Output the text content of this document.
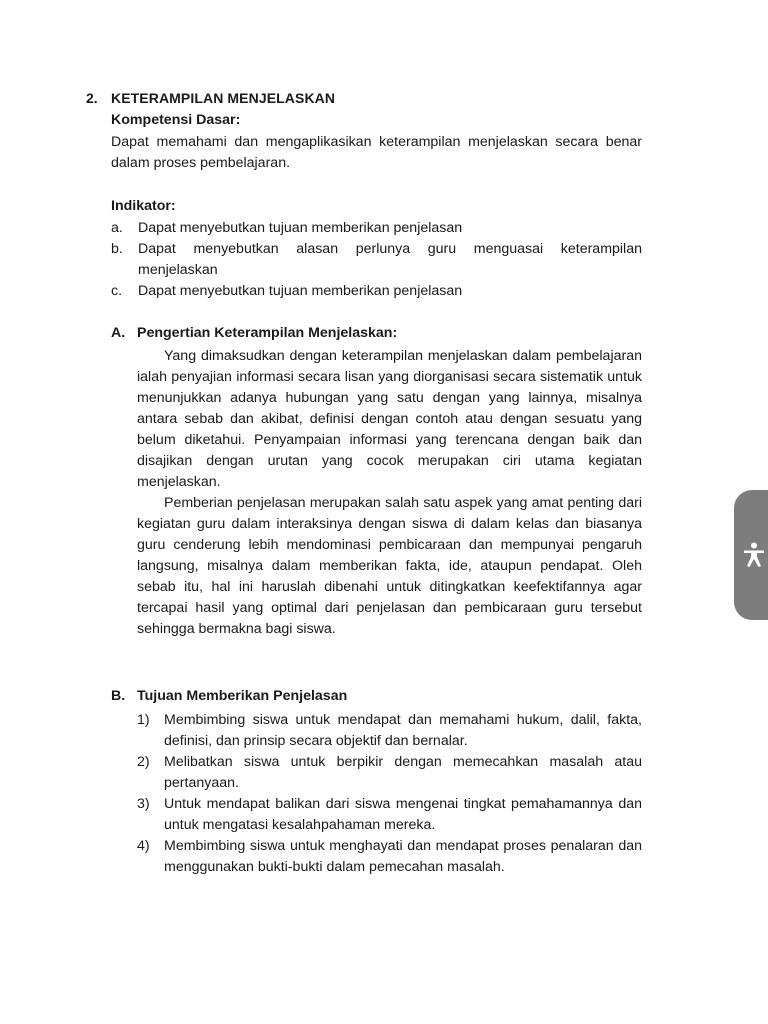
2. KETERAMPILAN MENJELASKAN
Kompetensi Dasar:
Dapat memahami dan mengaplikasikan keterampilan menjelaskan secara benar dalam proses pembelajaran.
Indikator:
a.	Dapat menyebutkan tujuan memberikan penjelasan
b.	Dapat menyebutkan alasan perlunya guru menguasai keterampilan menjelaskan
c.	Dapat menyebutkan tujuan memberikan penjelasan
A. Pengertian Keterampilan Menjelaskan:

Yang dimaksudkan dengan keterampilan menjelaskan dalam pembelajaran ialah penyajian informasi secara lisan yang diorganisasi secara sistematik untuk menunjukkan adanya hubungan yang satu dengan yang lainnya, misalnya antara sebab dan akibat, definisi dengan contoh atau dengan sesuatu yang belum diketahui. Penyampaian informasi yang terencana dengan baik dan disajikan dengan urutan yang cocok merupakan ciri utama kegiatan menjelaskan.

Pemberian penjelasan merupakan salah satu aspek yang amat penting dari kegiatan guru dalam interaksinya dengan siswa di dalam kelas dan biasanya guru cenderung lebih mendominasi pembicaraan dan mempunyai pengaruh langsung, misalnya dalam memberikan fakta, ide, ataupun pendapat. Oleh sebab itu, hal ini haruslah dibenahi untuk ditingkatkan keefektifannya agar tercapai hasil yang optimal dari penjelasan dan pembicaraan guru tersebut sehingga bermakna bagi siswa.

B. Tujuan Memberikan Penjelasan
1)	Membimbing siswa untuk mendapat dan memahami hukum, dalil, fakta, definisi, dan prinsip secara objektif dan bernalar.
2)	Melibatkan siswa untuk berpikir dengan memecahkan masalah atau pertanyaan.
3)	Untuk mendapat balikan dari siswa mengenai tingkat pemahamannya dan untuk mengatasi kesalahpahaman mereka.
4)	Membimbing siswa untuk menghayati dan mendapat proses penalaran dan menggunakan bukti-bukti dalam pemecahan masalah.
